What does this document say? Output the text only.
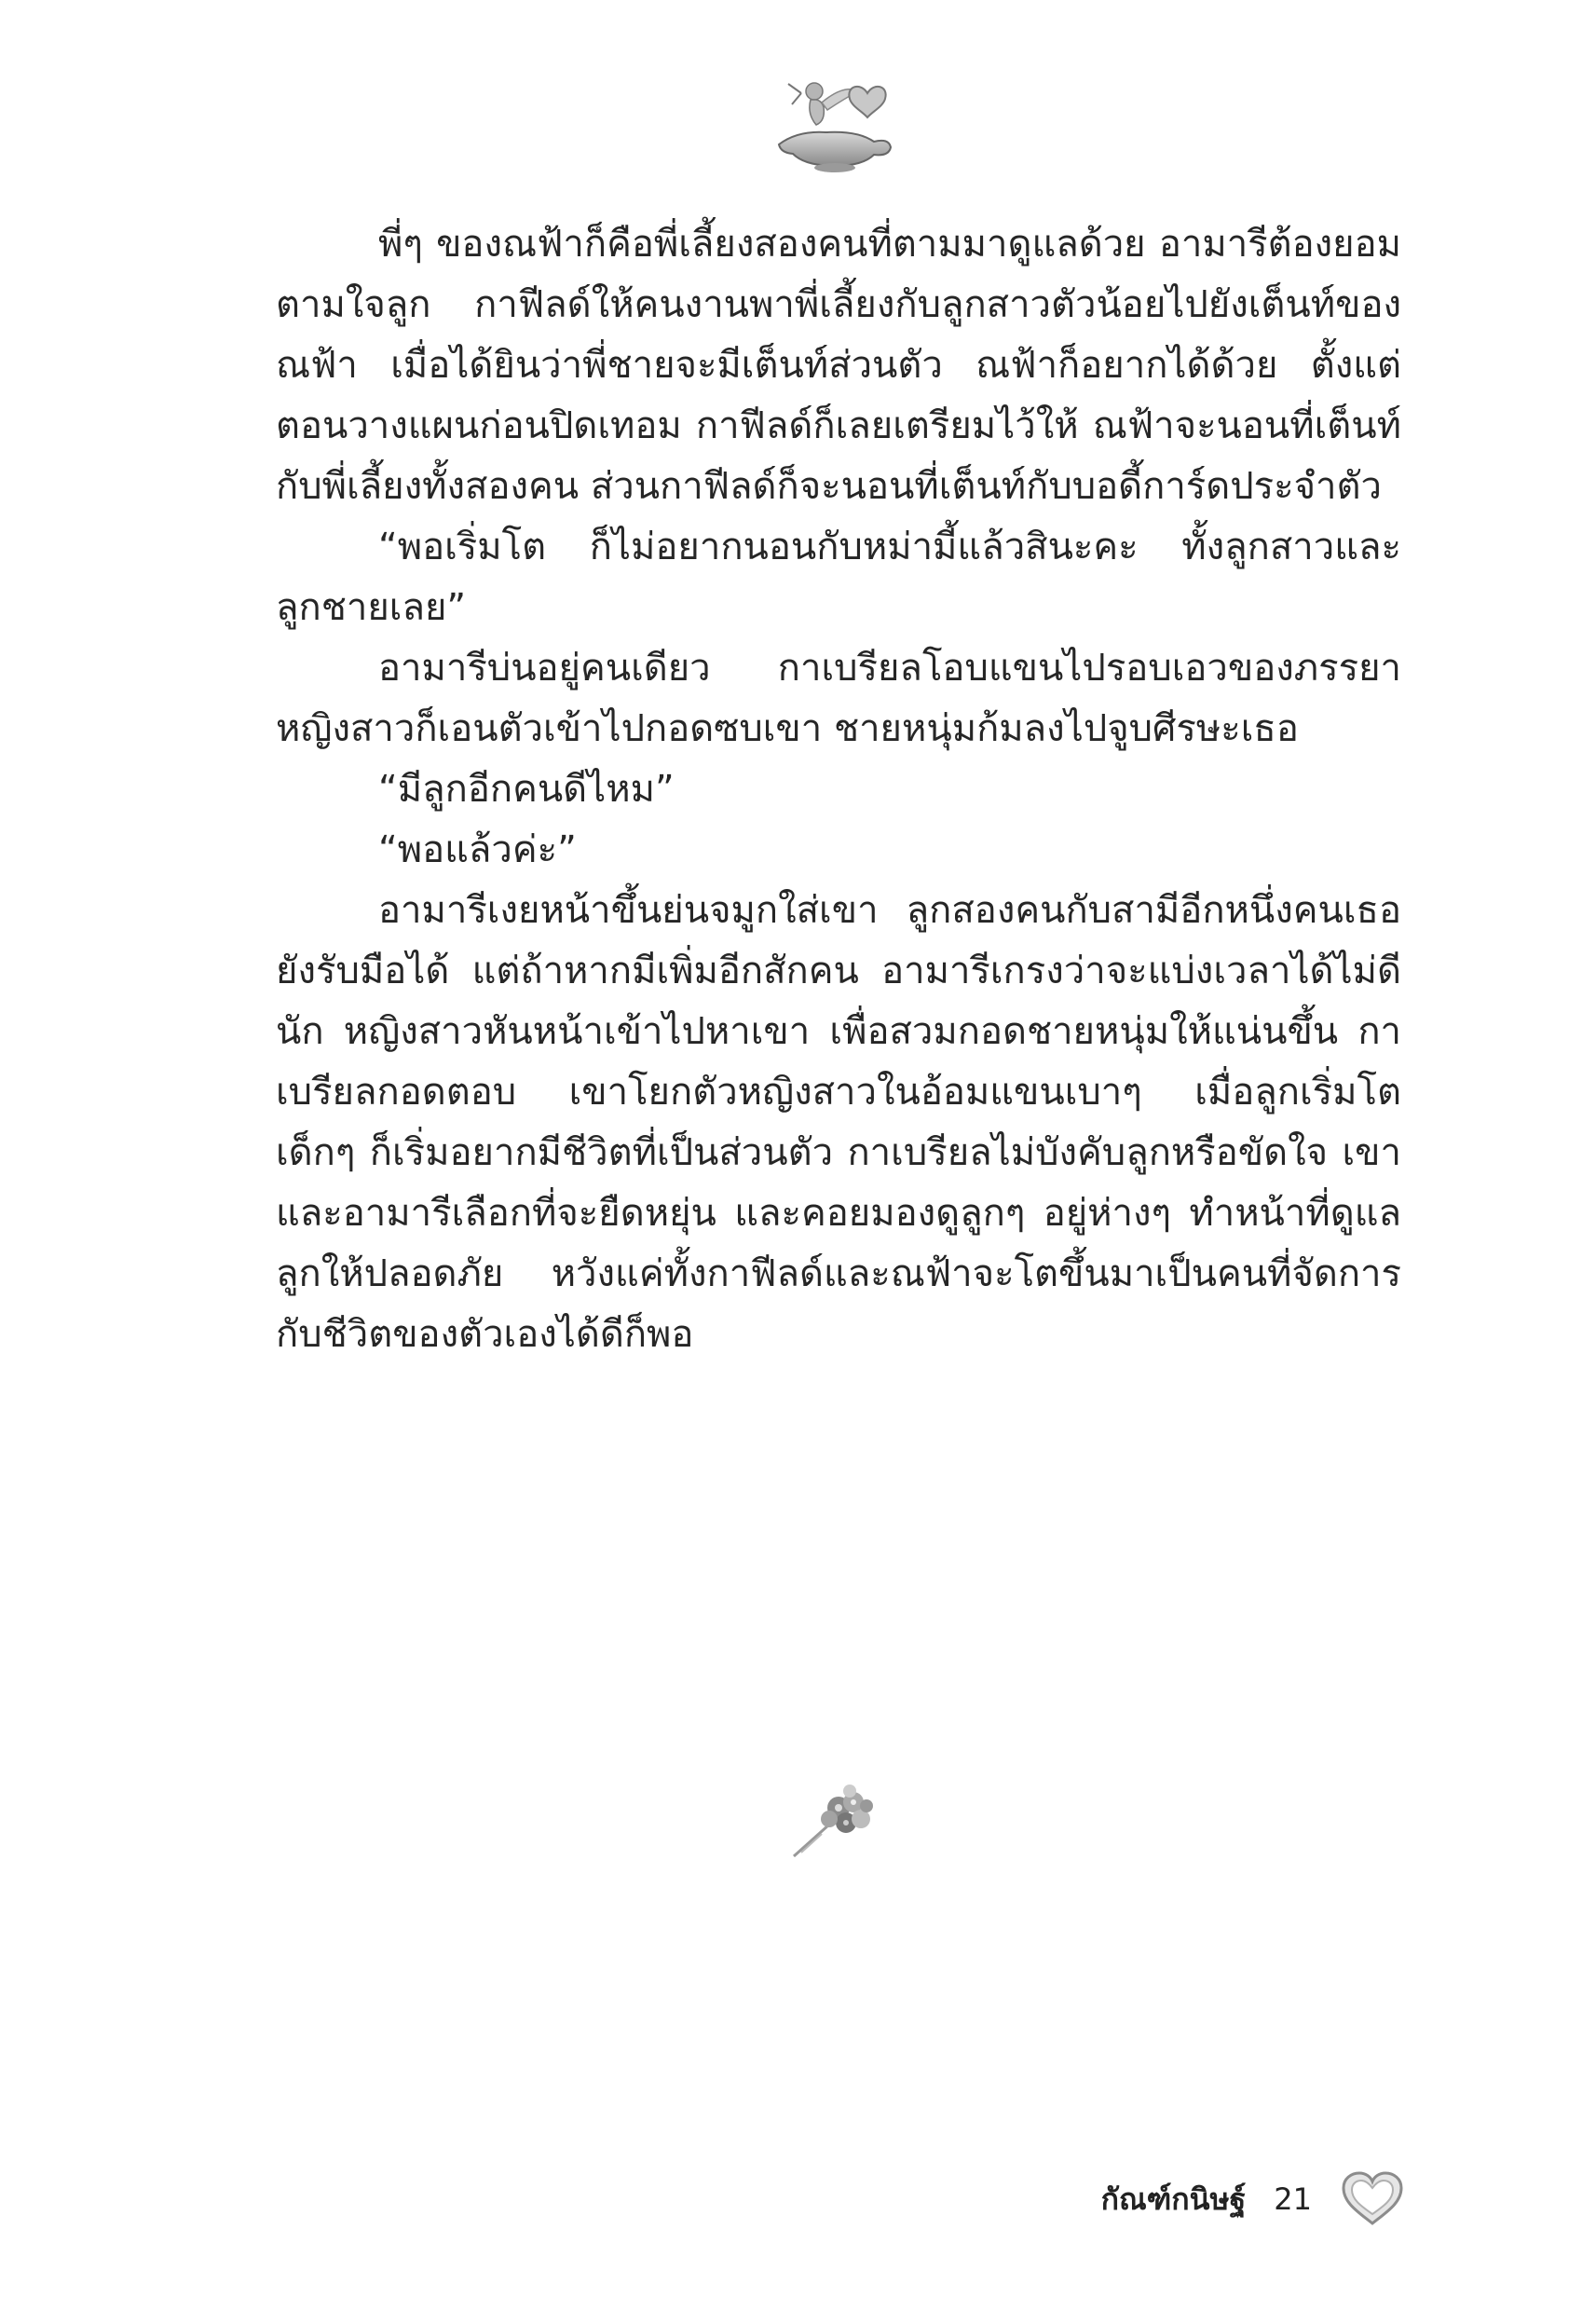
พี่ๆ ของณฟ้าก็คือพี่เลี้ยงสองคนที่ตามมาดูแลด้วย อามารีต้องยอมตามใจลูก กาฟีลด์ให้คนงานพาพี่เลี้ยงกับลูกสาวตัวน้อยไปยังเต็นท์ของณฟ้า เมื่อได้ยินว่าพี่ชายจะมีเต็นท์ส่วนตัว ณฟ้าก็อยากได้ด้วย ตั้งแต่ตอนวางแผนก่อนปิดเทอม กาฟีลด์ก็เลยเตรียมไว้ให้ ณฟ้าจะนอนที่เต็นท์กับพี่เลี้ยงทั้งสองคน ส่วนกาฟีลด์ก็จะนอนที่เต็นท์กับบอดี้การ์ดประจำตัว

“พอเริ่มโต ก็ไม่อยากนอนกับหม่ามี้แล้วสินะคะ ทั้งลูกสาวและลูกชายเลย”

อามารีบ่นอยู่คนเดียว กาเบรียลโอบแขนไปรอบเอวของภรรยา หญิงสาวก็เอนตัวเข้าไปกอดซบเขา ชายหนุ่มก้มลงไปจูบศีรษะเธอ

“มีลูกอีกคนดีไหม”

“พอแล้วค่ะ”

อามารีเงยหน้าขึ้นย่นจมูกใส่เขา ลูกสองคนกับสามีอีกหนึ่งคนเธอยังรับมือได้ แต่ถ้าหากมีเพิ่มอีกสักคน อามารีเกรงว่าจะแบ่งเวลาได้ไม่ดีนัก หญิงสาวหันหน้าเข้าไปหาเขา เพื่อสวมกอดชายหนุ่มให้แน่นขึ้น กาเบรียลกอดตอบ เขาโยกตัวหญิงสาวในอ้อมแขนเบาๆ เมื่อลูกเริ่มโต เด็กๆ ก็เริ่มอยากมีชีวิตที่เป็นส่วนตัว กาเบรียลไม่บังคับลูกหรือขัดใจ เขาและอามารีเลือกที่จะยืดหยุ่น และคอยมองดูลูกๆ อยู่ห่างๆ ทำหน้าที่ดูแลลูกให้ปลอดภัย หวังแค่ทั้งกาฟีลด์และณฟ้าจะโตขึ้นมาเป็นคนที่จัดการกับชีวิตของตัวเองได้ดีก็พอ

กัณฑ์กนิษฐ์ 21
